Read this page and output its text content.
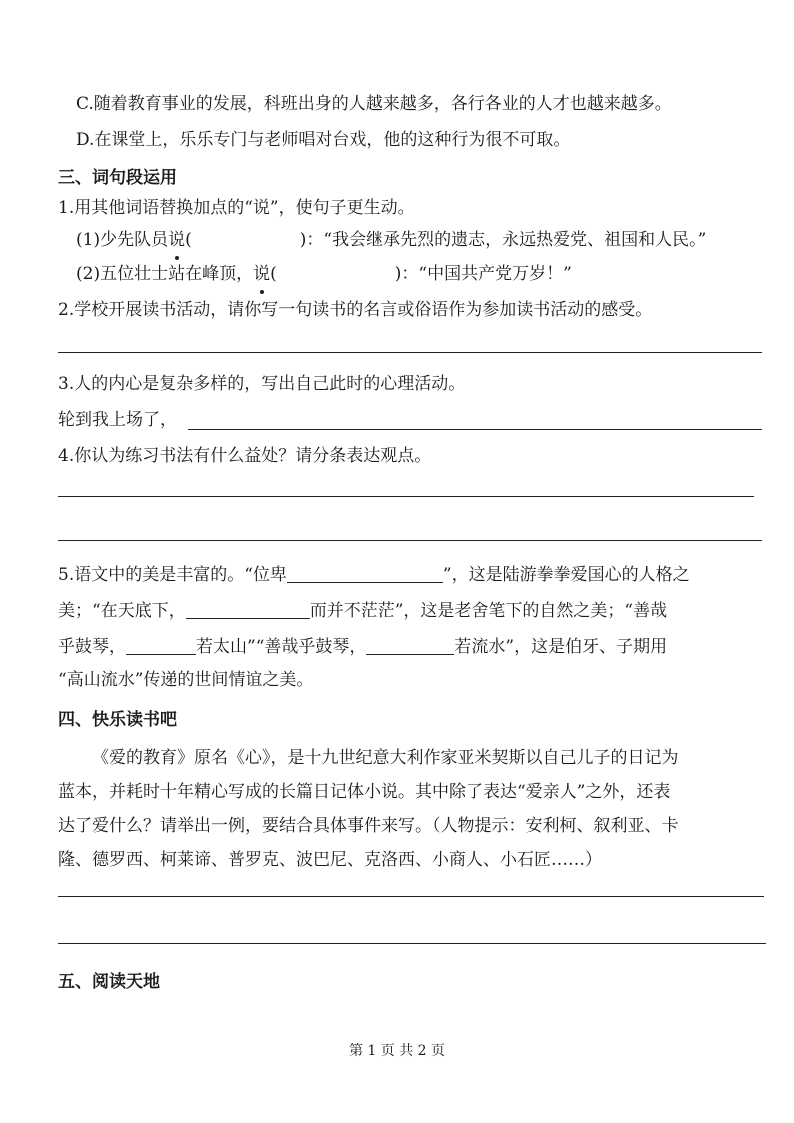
C.随着教育事业的发展，科班出身的人越来越多，各行各业的人才也越来越多。
D.在课堂上，乐乐专门与老师唱对台戏，他的这种行为很不可取。
三、词句段运用
1.用其他词语替换加点的“说”，使句子更生动。
(1)少先队员说(	)：“我会继承先烈的遗志，永远热爱党、祖国和人民。”
(2)五位壮士站在峰顶，说(	)：“中国共产党万岁！”
2.学校开展读书活动，请你写一句读书的名言或俗语作为参加读书活动的感受。
3.人的内心是复杂多样的，写出自己此时的心理活动。
轮到我上场了，
4.你认为练习书法有什么益处？请分条表达观点。
5.语文中的美是丰富的。“位卑	”，这是陆游拳拳爱国心的人格之
美；“在天底下，	而并不茫茫”，这是老舍笔下的自然之美；“善哉
乎鼓琴，	若太山”“善哉乎鼓琴，	若流水”，这是伯牙、子期用
“高山流水”传递的世间情谊之美。
四、快乐读书吧
《爱的教育》原名《心》，是十九世纪意大利作家亚米契斯以自己儿子的日记为
蓝本，并耗时十年精心写成的长篇日记体小说。其中除了表达“爱亲人”之外，还表
达了爱什么？请举出一例，要结合具体事件来写。（人物提示：安利柯、叙利亚、卡
隆、德罗西、柯莱谛、普罗克、波巴尼、克洛西、小商人、小石匠……）
五、阅读天地
第 1 页 共 2 页
